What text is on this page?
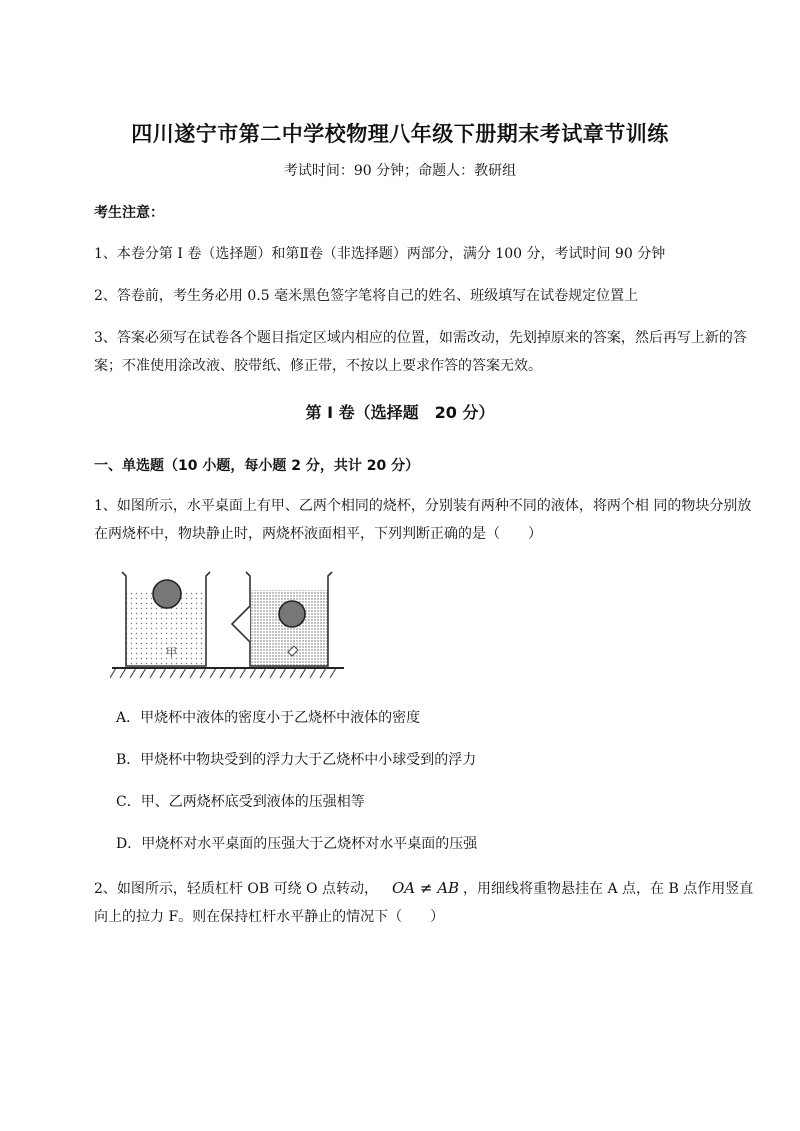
四川遂宁市第二中学校物理八年级下册期末考试章节训练
考试时间：90 分钟；命题人：教研组
考生注意：
1、本卷分第 I 卷（选择题）和第Ⅱ卷（非选择题）两部分，满分 100 分，考试时间 90 分钟
2、答卷前，考生务必用 0.5 毫米黑色签字笔将自己的姓名、班级填写在试卷规定位置上
3、答案必须写在试卷各个题目指定区域内相应的位置，如需改动，先划掉原来的答案，然后再写上新的答案；不准使用涂改液、胶带纸、修正带，不按以上要求作答的答案无效。
第 I 卷（选择题　20 分）
一、单选题（10 小题，每小题 2 分，共计 20 分）
1、如图所示，水平桌面上有甲、乙两个相同的烧杯，分别装有两种不同的液体，将两个相 同的物块分别放在两烧杯中，物块静止时，两烧杯液面相平，下列判断正确的是（　　）
甲
A．甲烧杯中液体的密度小于乙烧杯中液体的密度
B．甲烧杯中物块受到的浮力大于乙烧杯中小球受到的浮力
C．甲、乙两烧杯底受到液体的压强相等
D．甲烧杯对水平桌面的压强大于乙烧杯对水平桌面的压强
2、如图所示，轻质杠杆 OB 可绕 O 点转动， OA ≠ AB ，用细线将重物悬挂在 A 点，在 B 点作用竖直向上的拉力 F。则在保持杠杆水平静止的情况下（　　）
